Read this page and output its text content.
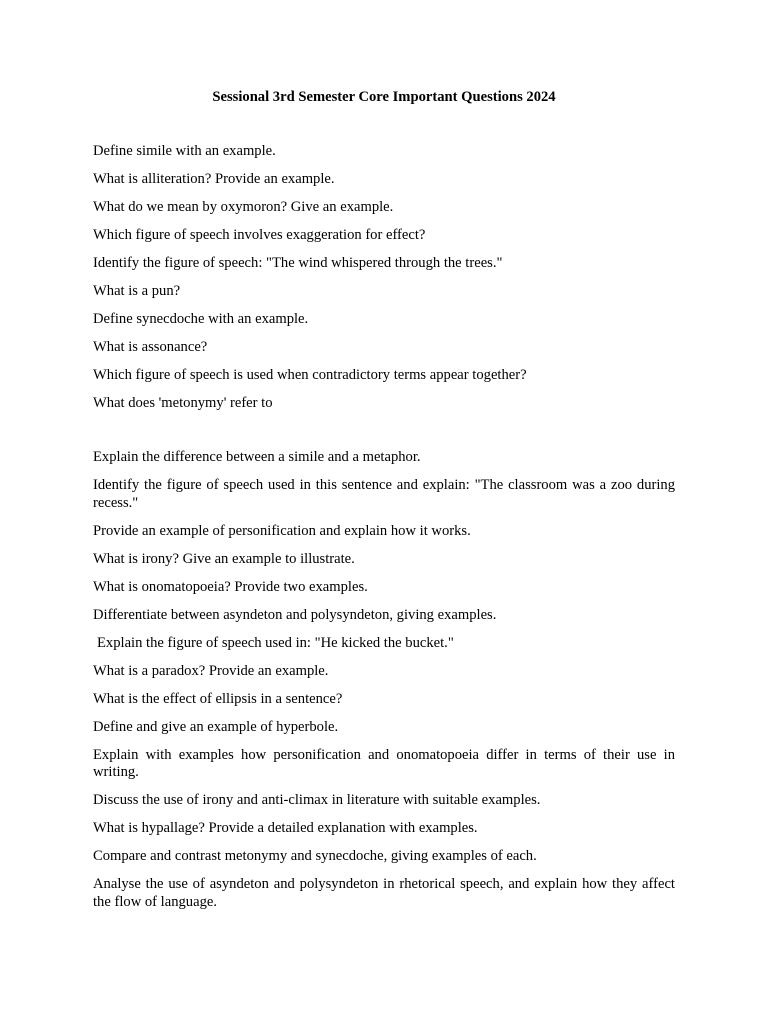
Sessional 3rd Semester Core Important Questions 2024
Define simile with an example.
What is alliteration? Provide an example.
What do we mean by oxymoron? Give an example.
Which figure of speech involves exaggeration for effect?
Identify the figure of speech: "The wind whispered through the trees."
What is a pun?
Define synecdoche with an example.
What is assonance?
Which figure of speech is used when contradictory terms appear together?
What does 'metonymy' refer to
Explain the difference between a simile and a metaphor.
Identify the figure of speech used in this sentence and explain: "The classroom was a zoo during recess."
Provide an example of personification and explain how it works.
What is irony? Give an example to illustrate.
What is onomatopoeia? Provide two examples.
Differentiate between asyndeton and polysyndeton, giving examples.
Explain the figure of speech used in: "He kicked the bucket."
What is a paradox? Provide an example.
What is the effect of ellipsis in a sentence?
Define and give an example of hyperbole.
Explain with examples how personification and onomatopoeia differ in terms of their use in writing.
Discuss the use of irony and anti-climax in literature with suitable examples.
What is hypallage? Provide a detailed explanation with examples.
Compare and contrast metonymy and synecdoche, giving examples of each.
Analyse the use of asyndeton and polysyndeton in rhetorical speech, and explain how they affect the flow of language.
